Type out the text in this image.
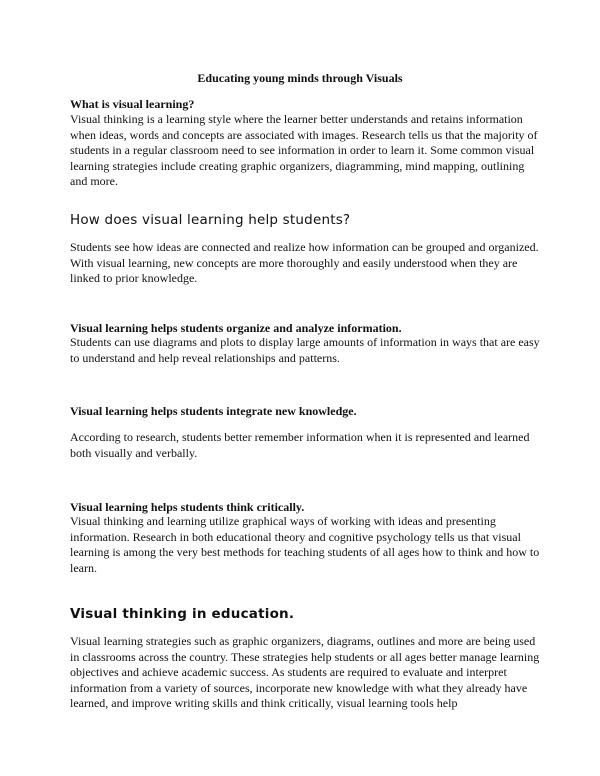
Educating young minds through Visuals

What is visual learning?

Visual thinking is a learning style where the learner better understands and retains information when ideas, words and concepts are associated with images. Research tells us that the majority of students in a regular classroom need to see information in order to learn it. Some common visual learning strategies include creating graphic organizers, diagramming, mind mapping, outlining and more.

How does visual learning help students?

Students see how ideas are connected and realize how information can be grouped and organized. With visual learning, new concepts are more thoroughly and easily understood when they are linked to prior knowledge.

Visual learning helps students organize and analyze information.

Students can use diagrams and plots to display large amounts of information in ways that are easy to understand and help reveal relationships and patterns.

Visual learning helps students integrate new knowledge.

According to research, students better remember information when it is represented and learned both visually and verbally.

Visual learning helps students think critically.

Visual thinking and learning utilize graphical ways of working with ideas and presenting information. Research in both educational theory and cognitive psychology tells us that visual learning is among the very best methods for teaching students of all ages how to think and how to learn.

Visual thinking in education.

Visual learning strategies such as graphic organizers, diagrams, outlines and more are being used in classrooms across the country. These strategies help students or all ages better manage learning objectives and achieve academic success. As students are required to evaluate and interpret information from a variety of sources, incorporate new knowledge with what they already have learned, and improve writing skills and think critically, visual learning tools help
